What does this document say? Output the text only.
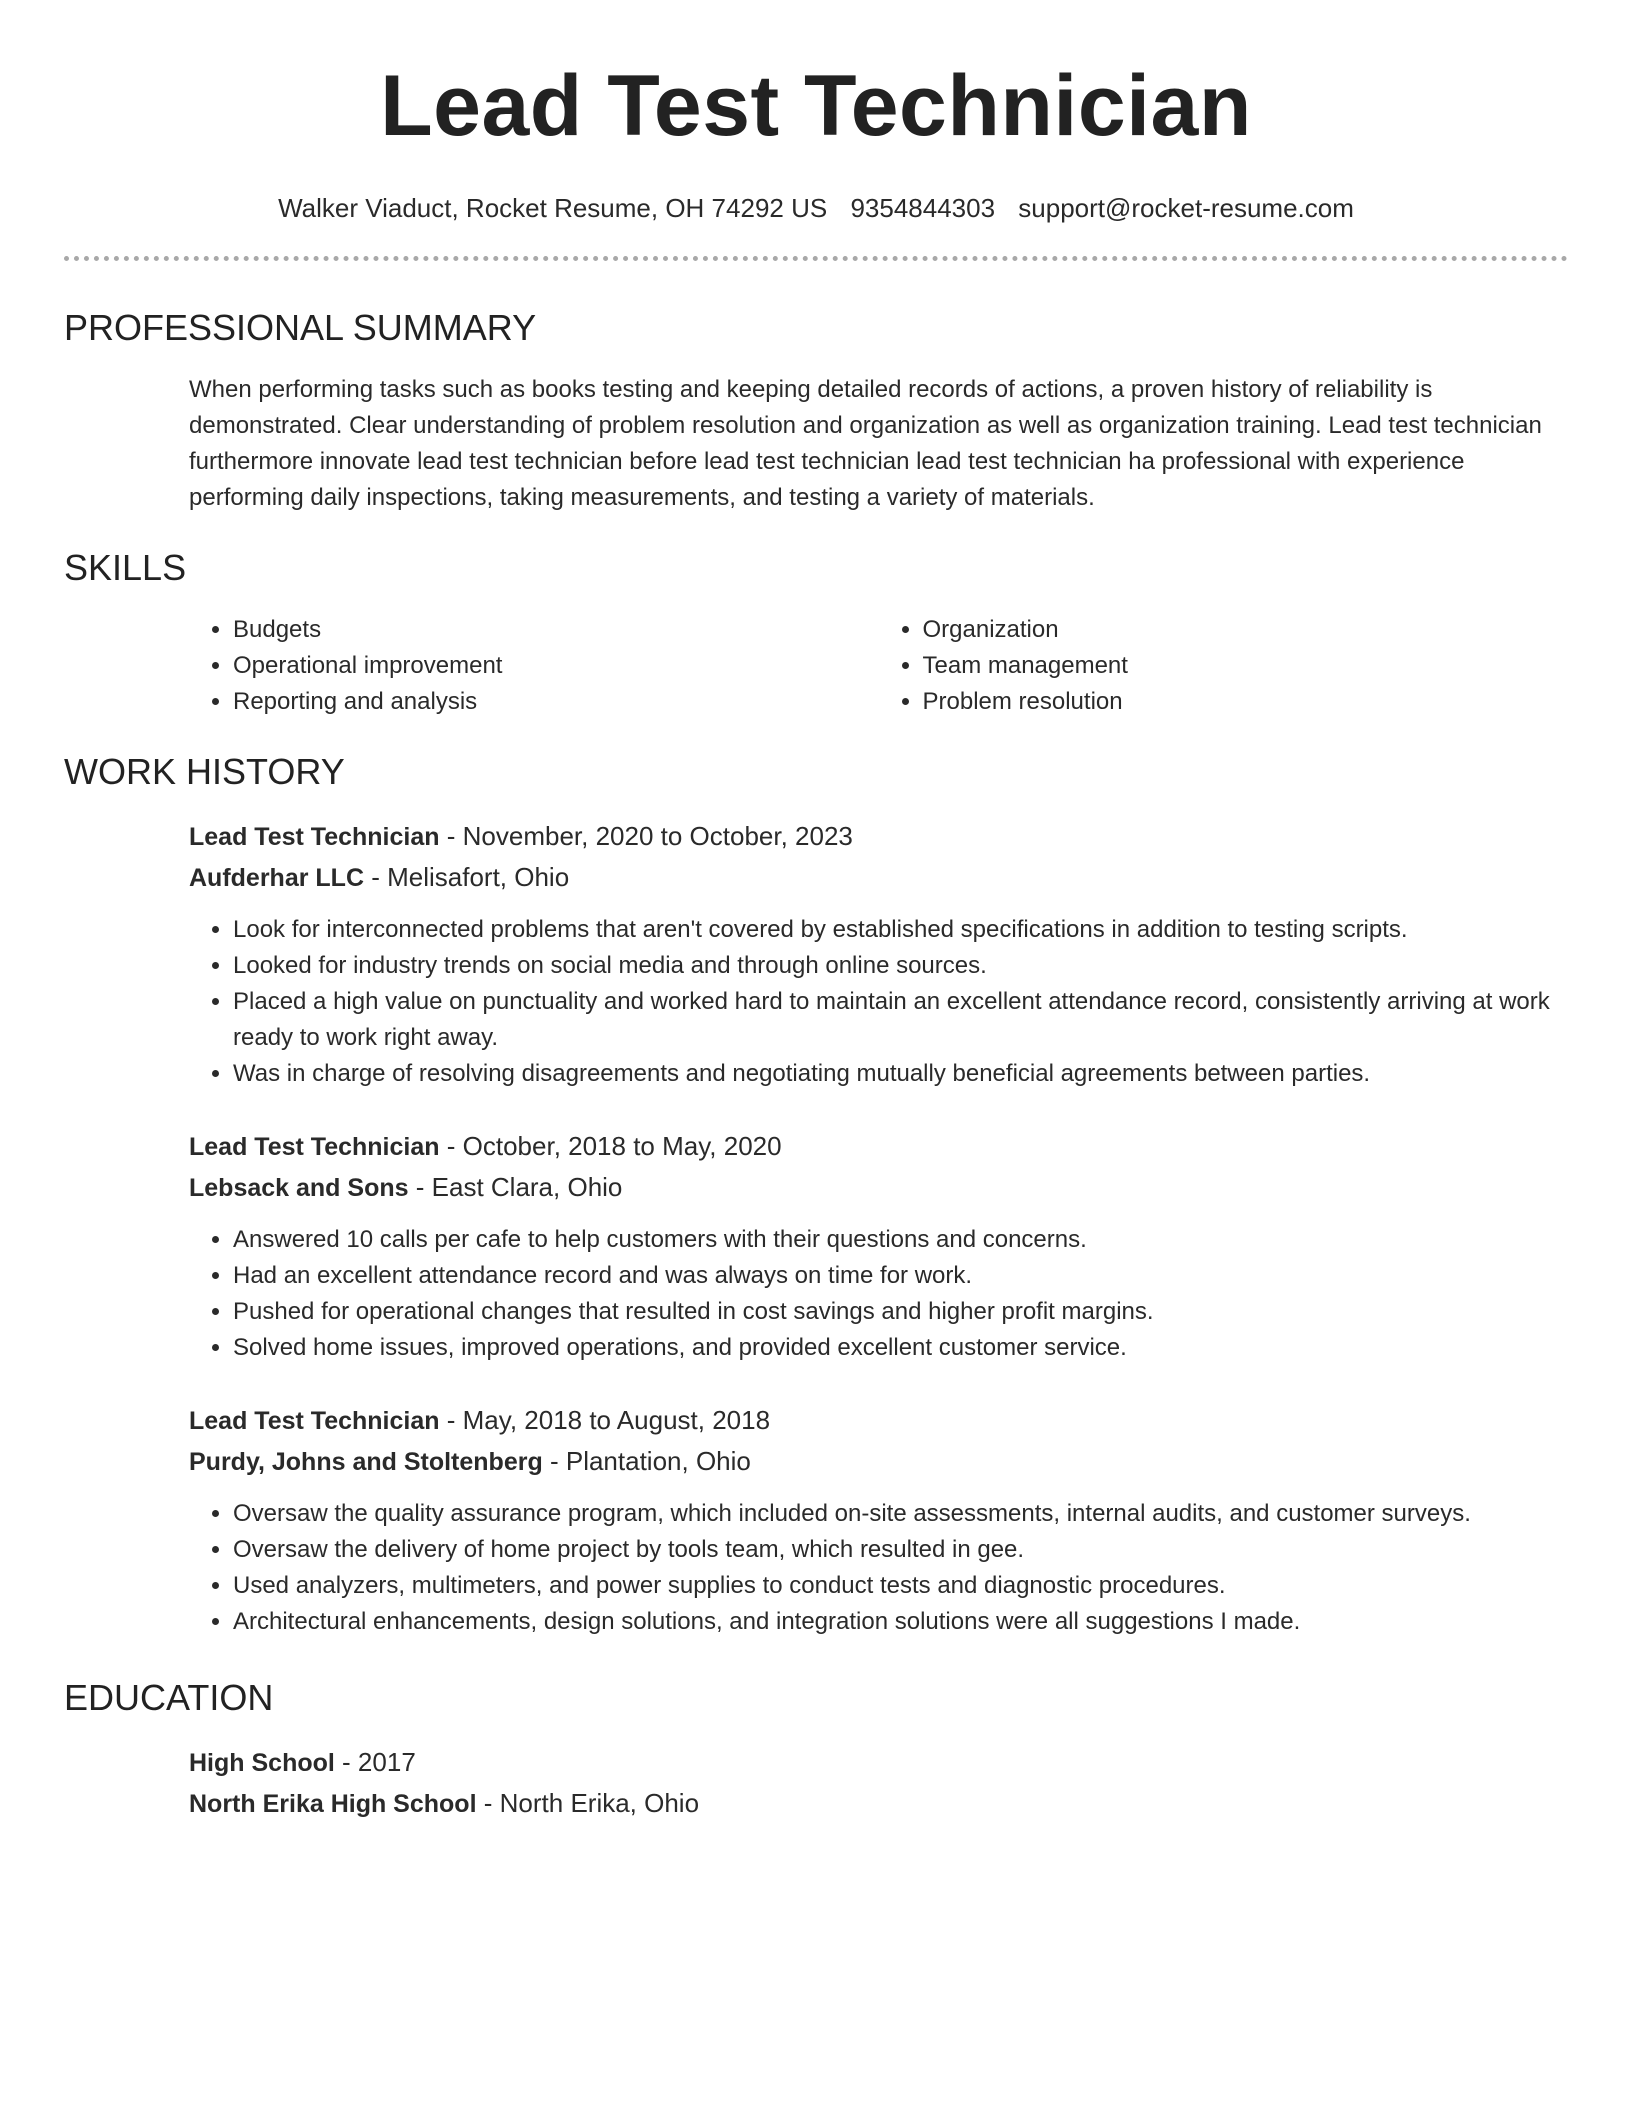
Lead Test Technician
Walker Viaduct, Rocket Resume, OH 74292 US 9354844303 support@rocket-resume.com
PROFESSIONAL SUMMARY
When performing tasks such as books testing and keeping detailed records of actions, a proven history of reliability is demonstrated. Clear understanding of problem resolution and organization as well as organization training. Lead test technician furthermore innovate lead test technician before lead test technician lead test technician ha professional with experience performing daily inspections, taking measurements, and testing a variety of materials.
SKILLS
• Budgets
• Operational improvement
• Reporting and analysis
• Organization
• Team management
• Problem resolution
WORK HISTORY
Lead Test Technician - November, 2020 to October, 2023
Aufderhar LLC - Melisafort, Ohio
• Look for interconnected problems that aren't covered by established specifications in addition to testing scripts.
• Looked for industry trends on social media and through online sources.
• Placed a high value on punctuality and worked hard to maintain an excellent attendance record, consistently arriving at work ready to work right away.
• Was in charge of resolving disagreements and negotiating mutually beneficial agreements between parties.
Lead Test Technician - October, 2018 to May, 2020
Lebsack and Sons - East Clara, Ohio
• Answered 10 calls per cafe to help customers with their questions and concerns.
• Had an excellent attendance record and was always on time for work.
• Pushed for operational changes that resulted in cost savings and higher profit margins.
• Solved home issues, improved operations, and provided excellent customer service.
Lead Test Technician - May, 2018 to August, 2018
Purdy, Johns and Stoltenberg - Plantation, Ohio
• Oversaw the quality assurance program, which included on-site assessments, internal audits, and customer surveys.
• Oversaw the delivery of home project by tools team, which resulted in gee.
• Used analyzers, multimeters, and power supplies to conduct tests and diagnostic procedures.
• Architectural enhancements, design solutions, and integration solutions were all suggestions I made.
EDUCATION
High School - 2017
North Erika High School - North Erika, Ohio
